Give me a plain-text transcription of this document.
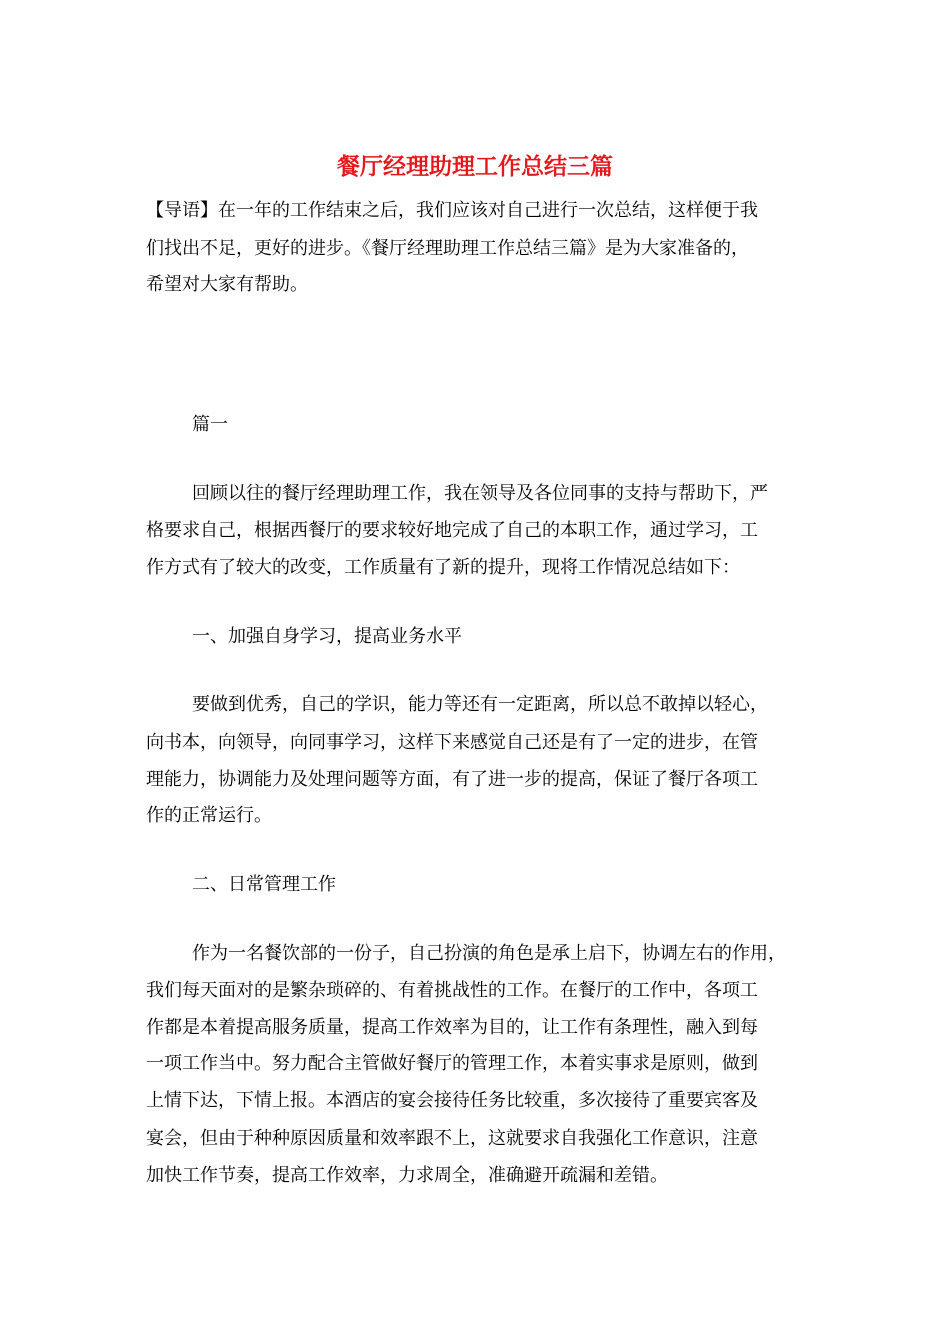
餐厅经理助理工作总结三篇
【导语】在一年的工作结束之后，我们应该对自己进行一次总结，这样便于我
们找出不足，更好的进步。《餐厅经理助理工作总结三篇》是为大家准备的，
希望对大家有帮助。
篇一
回顾以往的餐厅经理助理工作，我在领导及各位同事的支持与帮助下，严
格要求自己，根据西餐厅的要求较好地完成了自己的本职工作，通过学习，工
作方式有了较大的改变，工作质量有了新的提升，现将工作情况总结如下：
一、加强自身学习，提高业务水平
要做到优秀，自己的学识，能力等还有一定距离，所以总不敢掉以轻心，
向书本，向领导，向同事学习，这样下来感觉自己还是有了一定的进步，在管
理能力，协调能力及处理问题等方面，有了进一步的提高，保证了餐厅各项工
作的正常运行。
二、日常管理工作
作为一名餐饮部的一份子，自己扮演的角色是承上启下，协调左右的作用，
我们每天面对的是繁杂琐碎的、有着挑战性的工作。在餐厅的工作中，各项工
作都是本着提高服务质量，提高工作效率为目的，让工作有条理性，融入到每
一项工作当中。努力配合主管做好餐厅的管理工作，本着实事求是原则，做到
上情下达，下情上报。本酒店的宴会接待任务比较重，多次接待了重要宾客及
宴会，但由于种种原因质量和效率跟不上，这就要求自我强化工作意识，注意
加快工作节奏，提高工作效率，力求周全，准确避开疏漏和差错。
